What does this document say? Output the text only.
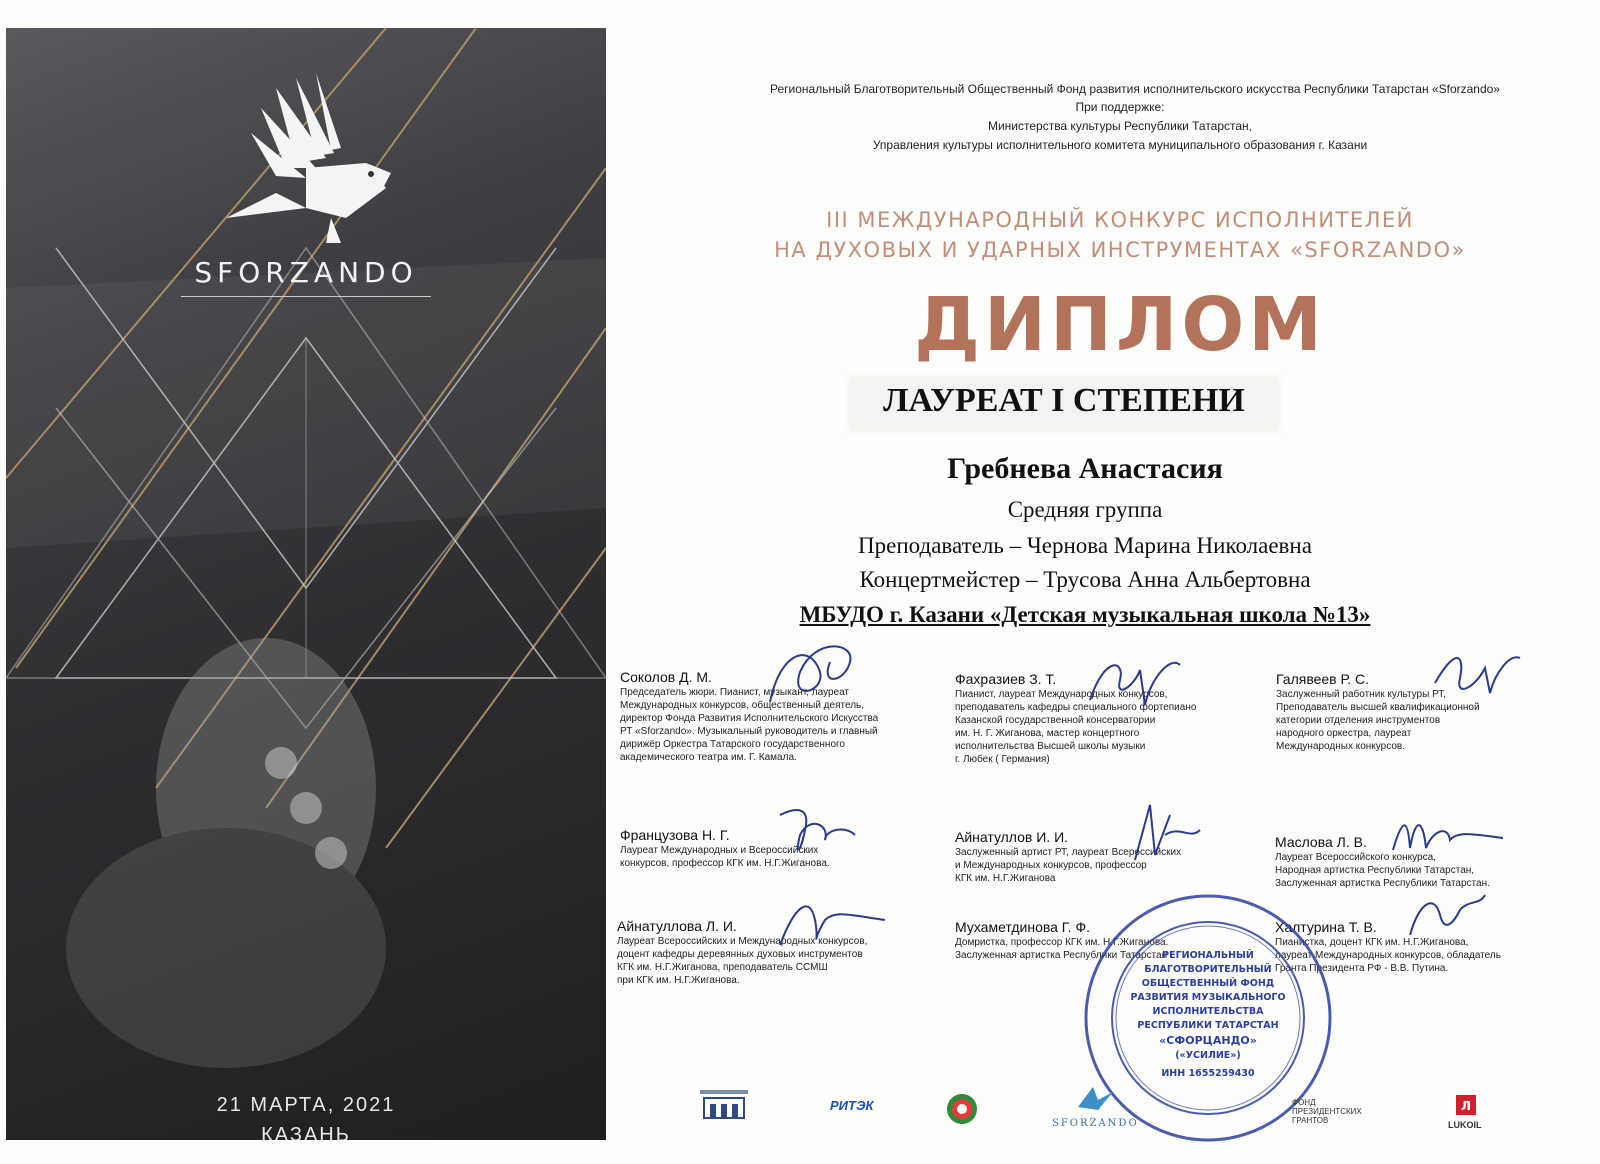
SFORZANDO
21 МАРТА, 2021
КАЗАНЬ
Региональный Благотворительный Общественный Фонд развития исполнительского искусства Республики Татарстан «Sforzando»
При поддержке:
Министерства культуры Республики Татарстан,
Управления культуры исполнительного комитета муниципального образования г. Казани
III МЕЖДУНАРОДНЫЙ КОНКУРС ИСПОЛНИТЕЛЕЙ
НА ДУХОВЫХ И УДАРНЫХ ИНСТРУМЕНТАХ «SFORZANDO»
ДИПЛОМ
ЛАУРЕАТ I СТЕПЕНИ
Гребнева Анастасия
Средняя группа
Преподаватель – Чернова Марина Николаевна
Концертмейстер – Трусова Анна Альбертовна
МБУДО г. Казани «Детская музыкальная школа №13»
Соколов Д. М.
Председатель жюри. Пианист, музыкант, лауреат
Международных конкурсов, общественный деятель,
директор Фонда Развития Исполнительского Искусства
РТ «Sforzando». Музыкальный руководитель и главный
дирижёр Оркестра Татарского государственного
академического театра им. Г. Камала.
Фахразиев З. Т.
Пианист, лауреат Международных конкурсов,
преподаватель кафедры специального фортепиано
Казанской государственной консерватории
им. Н. Г. Жиганова, мастер концертного
исполнительства Высшей школы музыки
г. Любек ( Германия)
Галявеев Р. С.
Заслуженный работник культуры РТ,
Преподаватель высшей квалификационной
категории отделения инструментов
народного оркестра, лауреат
Международных конкурсов.
Французова Н. Г.
Лауреат Международных и Всероссийских
конкурсов, профессор КГК им. Н.Г.Жиганова.
Айнатуллов И. И.
Заслуженный артист РТ, лауреат Всероссийских
и Международных конкурсов, профессор
КГК им. Н.Г.Жиганова
Маслова Л. В.
Лауреат Всероссийского конкурса,
Народная артистка Республики Татарстан,
Заслуженная артистка Республики Татарстан.
Айнатуллова Л. И.
Лауреат Всероссийских и Международных конкурсов,
доцент кафедры деревянных духовых инструментов
КГК им. Н.Г.Жиганова, преподаватель ССМШ
при КГК им. Н.Г.Жиганова.
Мухаметдинова Г. Ф.
Домристка, профессор КГК им. Н.Г.Жиганова.
Заслуженная артистка Республики Татарстан
Халтурина Т. В.
Пианистка, доцент КГК им. Н.Г.Жиганова,
лауреат Международных конкурсов, обладатель
Гранта Президента РФ - В.В. Путина.
РЕГИОНАЛЬНЫЙ
БЛАГОТВОРИТЕЛЬНЫЙ
ОБЩЕСТВЕННЫЙ ФОНД
РАЗВИТИЯ МУЗЫКАЛЬНОГО
ИСПОЛНИТЕЛЬСТВА
РЕСПУБЛИКИ ТАТАРСТАН
«СФОРЦАНДО»
(«УСИЛИЕ»)
ИНН 1655259430
РИТЭК
SFORZANDO
ФОНД
ПРЕЗИДЕНТСКИХ
ГРАНТОВ
Л
LUKOIL
